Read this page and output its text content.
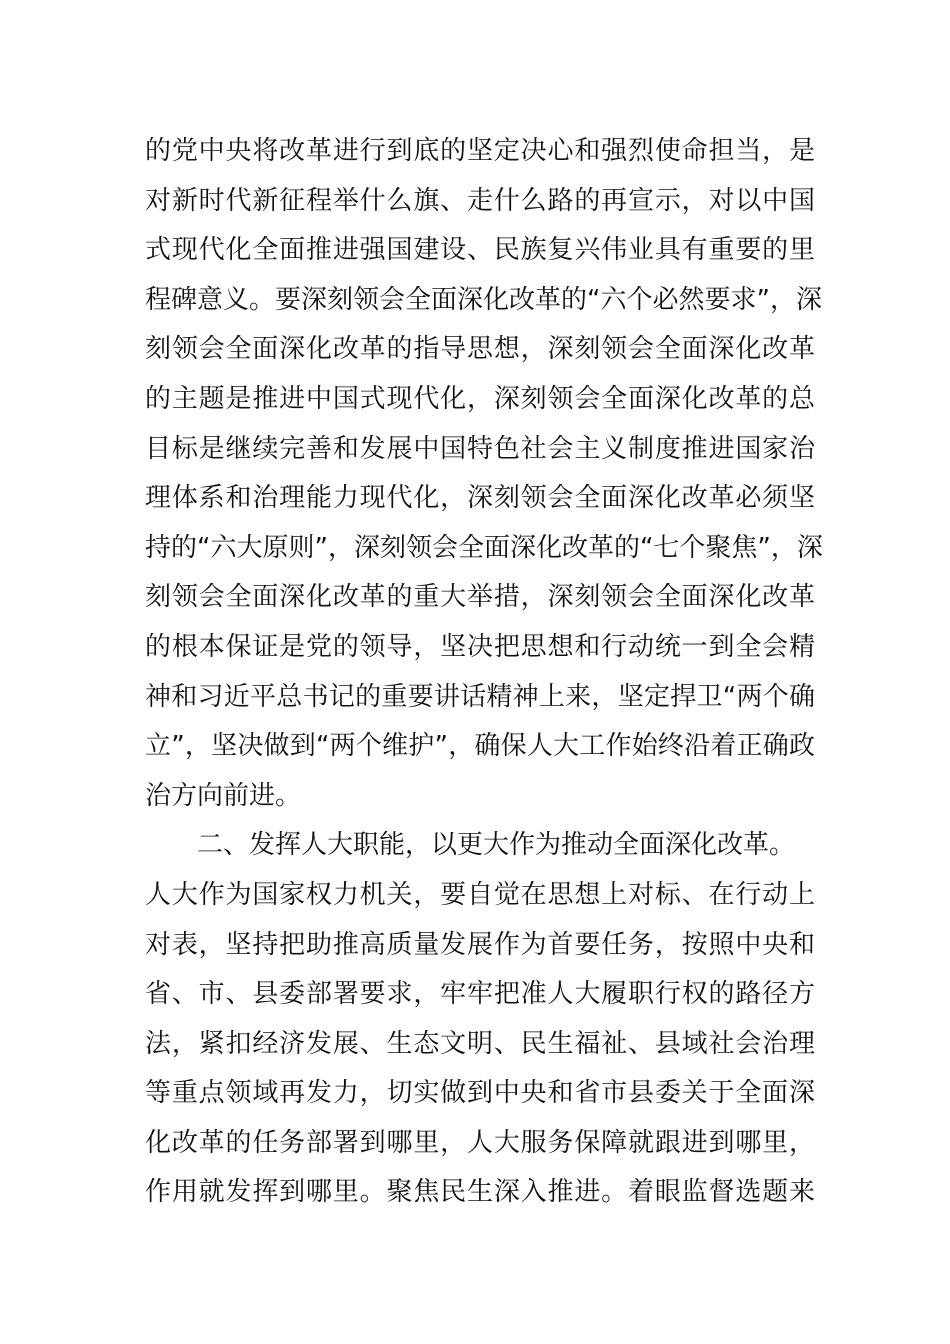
的党中央将改革进行到底的坚定决心和强烈使命担当，是
对新时代新征程举什么旗、走什么路的再宣示，对以中国
式现代化全面推进强国建设、民族复兴伟业具有重要的里
程碑意义。要深刻领会全面深化改革的“六个必然要求”，深
刻领会全面深化改革的指导思想，深刻领会全面深化改革
的主题是推进中国式现代化，深刻领会全面深化改革的总
目标是继续完善和发展中国特色社会主义制度推进国家治
理体系和治理能力现代化，深刻领会全面深化改革必须坚
持的“六大原则”，深刻领会全面深化改革的“七个聚焦”，深
刻领会全面深化改革的重大举措，深刻领会全面深化改革
的根本保证是党的领导，坚决把思想和行动统一到全会精
神和习近平总书记的重要讲话精神上来，坚定捍卫“两个确
立”，坚决做到“两个维护”，确保人大工作始终沿着正确政
治方向前进。
二、发挥人大职能，以更大作为推动全面深化改革。
人大作为国家权力机关，要自觉在思想上对标、在行动上
对表，坚持把助推高质量发展作为首要任务，按照中央和
省、市、县委部署要求，牢牢把准人大履职行权的路径方
法，紧扣经济发展、生态文明、民生福祉、县域社会治理
等重点领域再发力，切实做到中央和省市县委关于全面深
化改革的任务部署到哪里，人大服务保障就跟进到哪里，
作用就发挥到哪里。聚焦民生深入推进。着眼监督选题来
